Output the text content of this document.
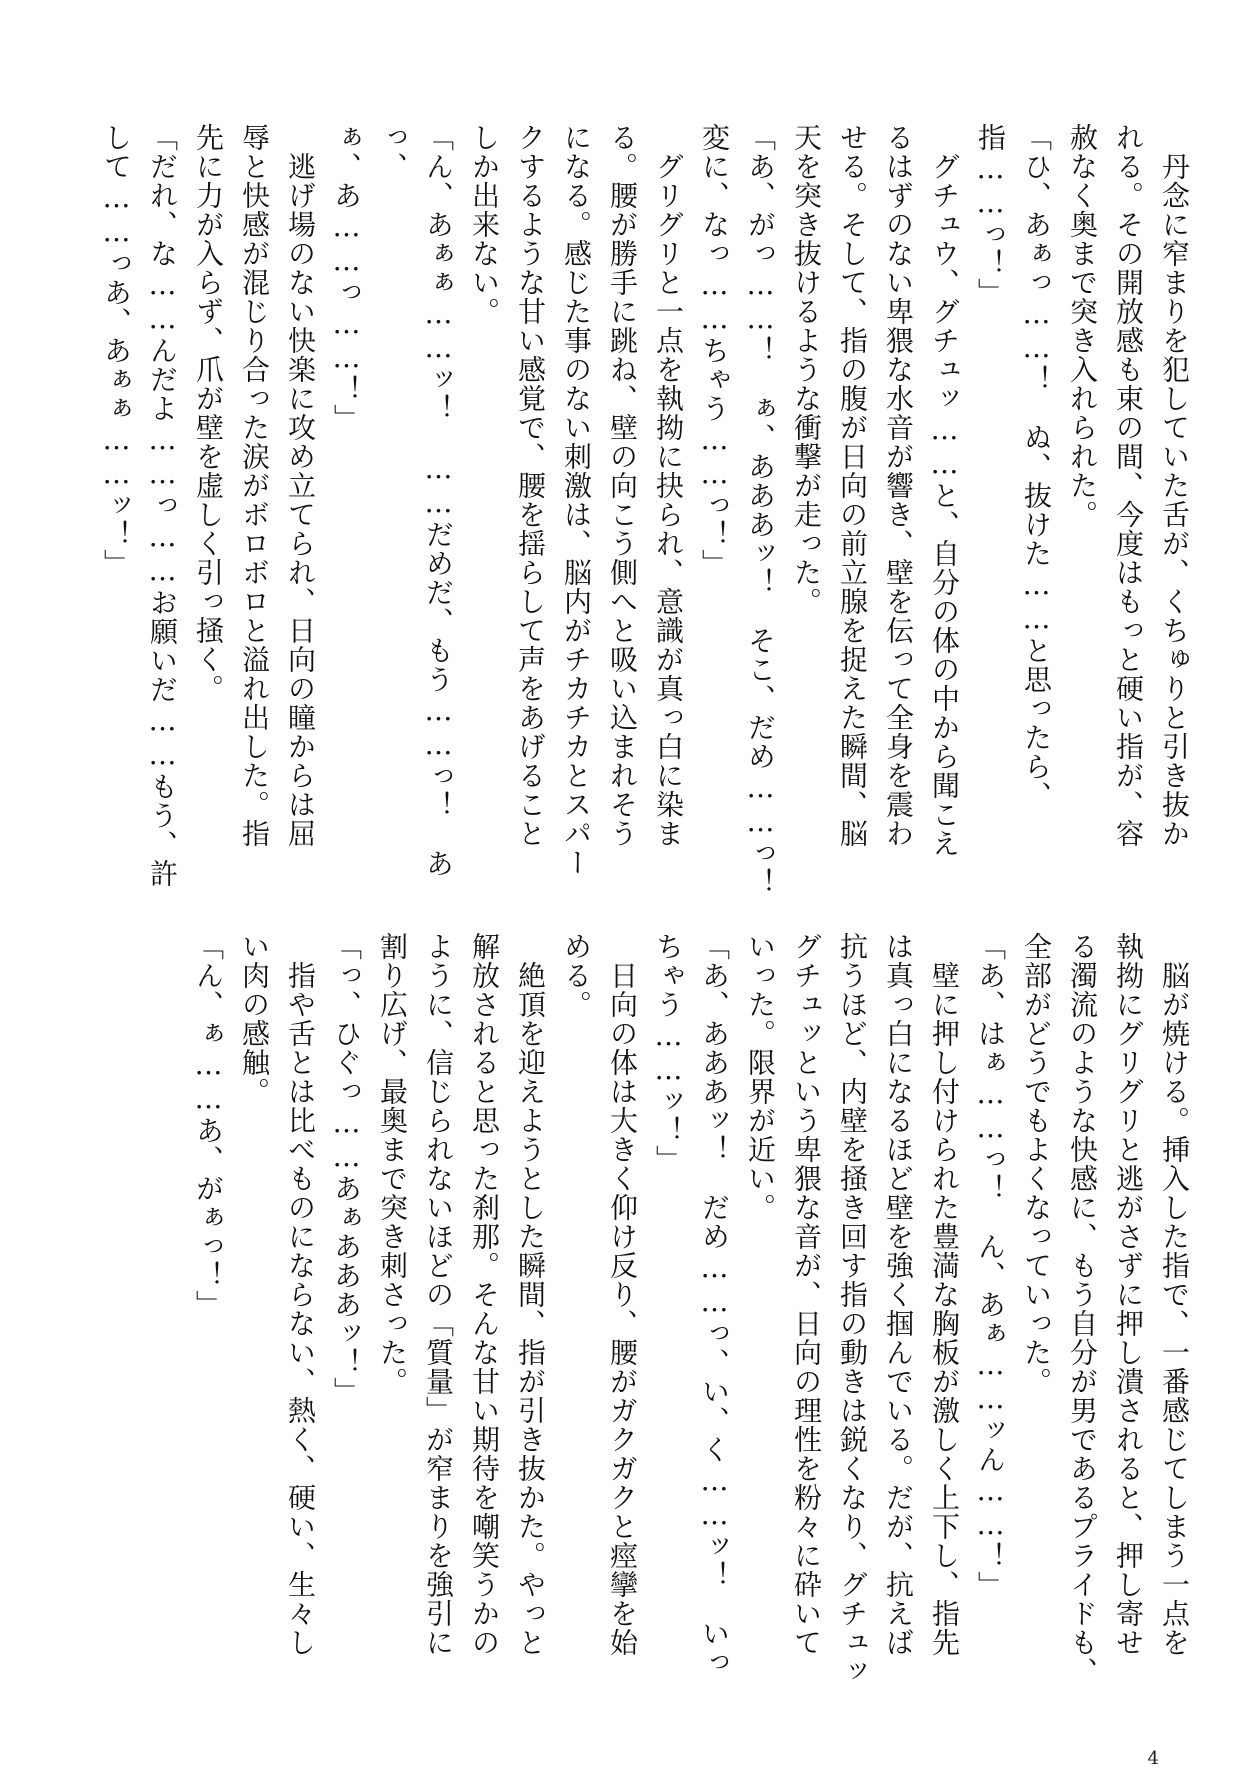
　丹念に窄まりを犯していた舌が、くちゅりと引き抜か

れる。その開放感も束の間、今度はもっと硬い指が、容

赦なく奥まで突き入れられた。

「ひ、あぁっ……！　ぬ、抜けた……と思ったら、指……っ！」

　グチュウ、グチュッ……と、自分の体の中から聞こえ

るはずのない卑猥な水音が響き、壁を伝って全身を震わ

せる。そして、指の腹が日向の前立腺を捉えた瞬間、脳

天を突き抜けるような衝撃が走った。

「あ、がっ……！　ぁ、あああッ！　そこ、だめ……っ！

変に、なっ……ちゃう……っ！」

　グリグリと一点を執拗に抉られ、意識が真っ白に染ま

る。腰が勝手に跳ね、壁の向こう側へと吸い込まれそう

になる。感じた事のない刺激は、脳内がチカチカとスパー

クするような甘い感覚で、腰を揺らして声をあげること

しか出来ない。

「ん、あぁぁ……ッ！　……だめだ、もう……っ！　あっ、

ぁ、あ……っ……！」

　逃げ場のない快楽に攻め立てられ、日向の瞳からは屈

辱と快感が混じり合った涙がボロボロと溢れ出した。指

先に力が入らず、爪が壁を虚しく引っ掻く。

「だれ、な……んだよ……っ……お願いだ……もう、許

して……っあ、あぁぁ……ッ！」

　脳が焼ける。挿入した指で、一番感じてしまう一点を

執拗にグリグリと逃がさずに押し潰されると、押し寄せ

る濁流のような快感に、もう自分が男であるプライドも、

全部がどうでもよくなっていった。

「あ、はぁ……っ！　ん、あぁ……ッん……！」

　壁に押し付けられた豊満な胸板が激しく上下し、指先

は真っ白になるほど壁を強く掴んでいる。だが、抗えば

抗うほど、内壁を掻き回す指の動きは鋭くなり、グチュッ

グチュッという卑猥な音が、日向の理性を粉々に砕いて

いった。限界が近い。

「あ、あああッ！　だめ……っ、い、く……ッ！　いっ

ちゃう……ッ！」

　日向の体は大きく仰け反り、腰がガクガクと痙攣を始

める。

　絶頂を迎えようとした瞬間、指が引き抜かた。やっと

解放されると思った刹那。そんな甘い期待を嘲笑うかの

ように、信じられないほどの「質量」が窄まりを強引に

割り広げ、最奥まで突き刺さった。

「っ、ひぐっ……あぁあああッ！」

　指や舌とは比べものにならない、熱く、硬い、生々し

い肉の感触。

「ん、ぁ……あ、がぁっ！」

4
